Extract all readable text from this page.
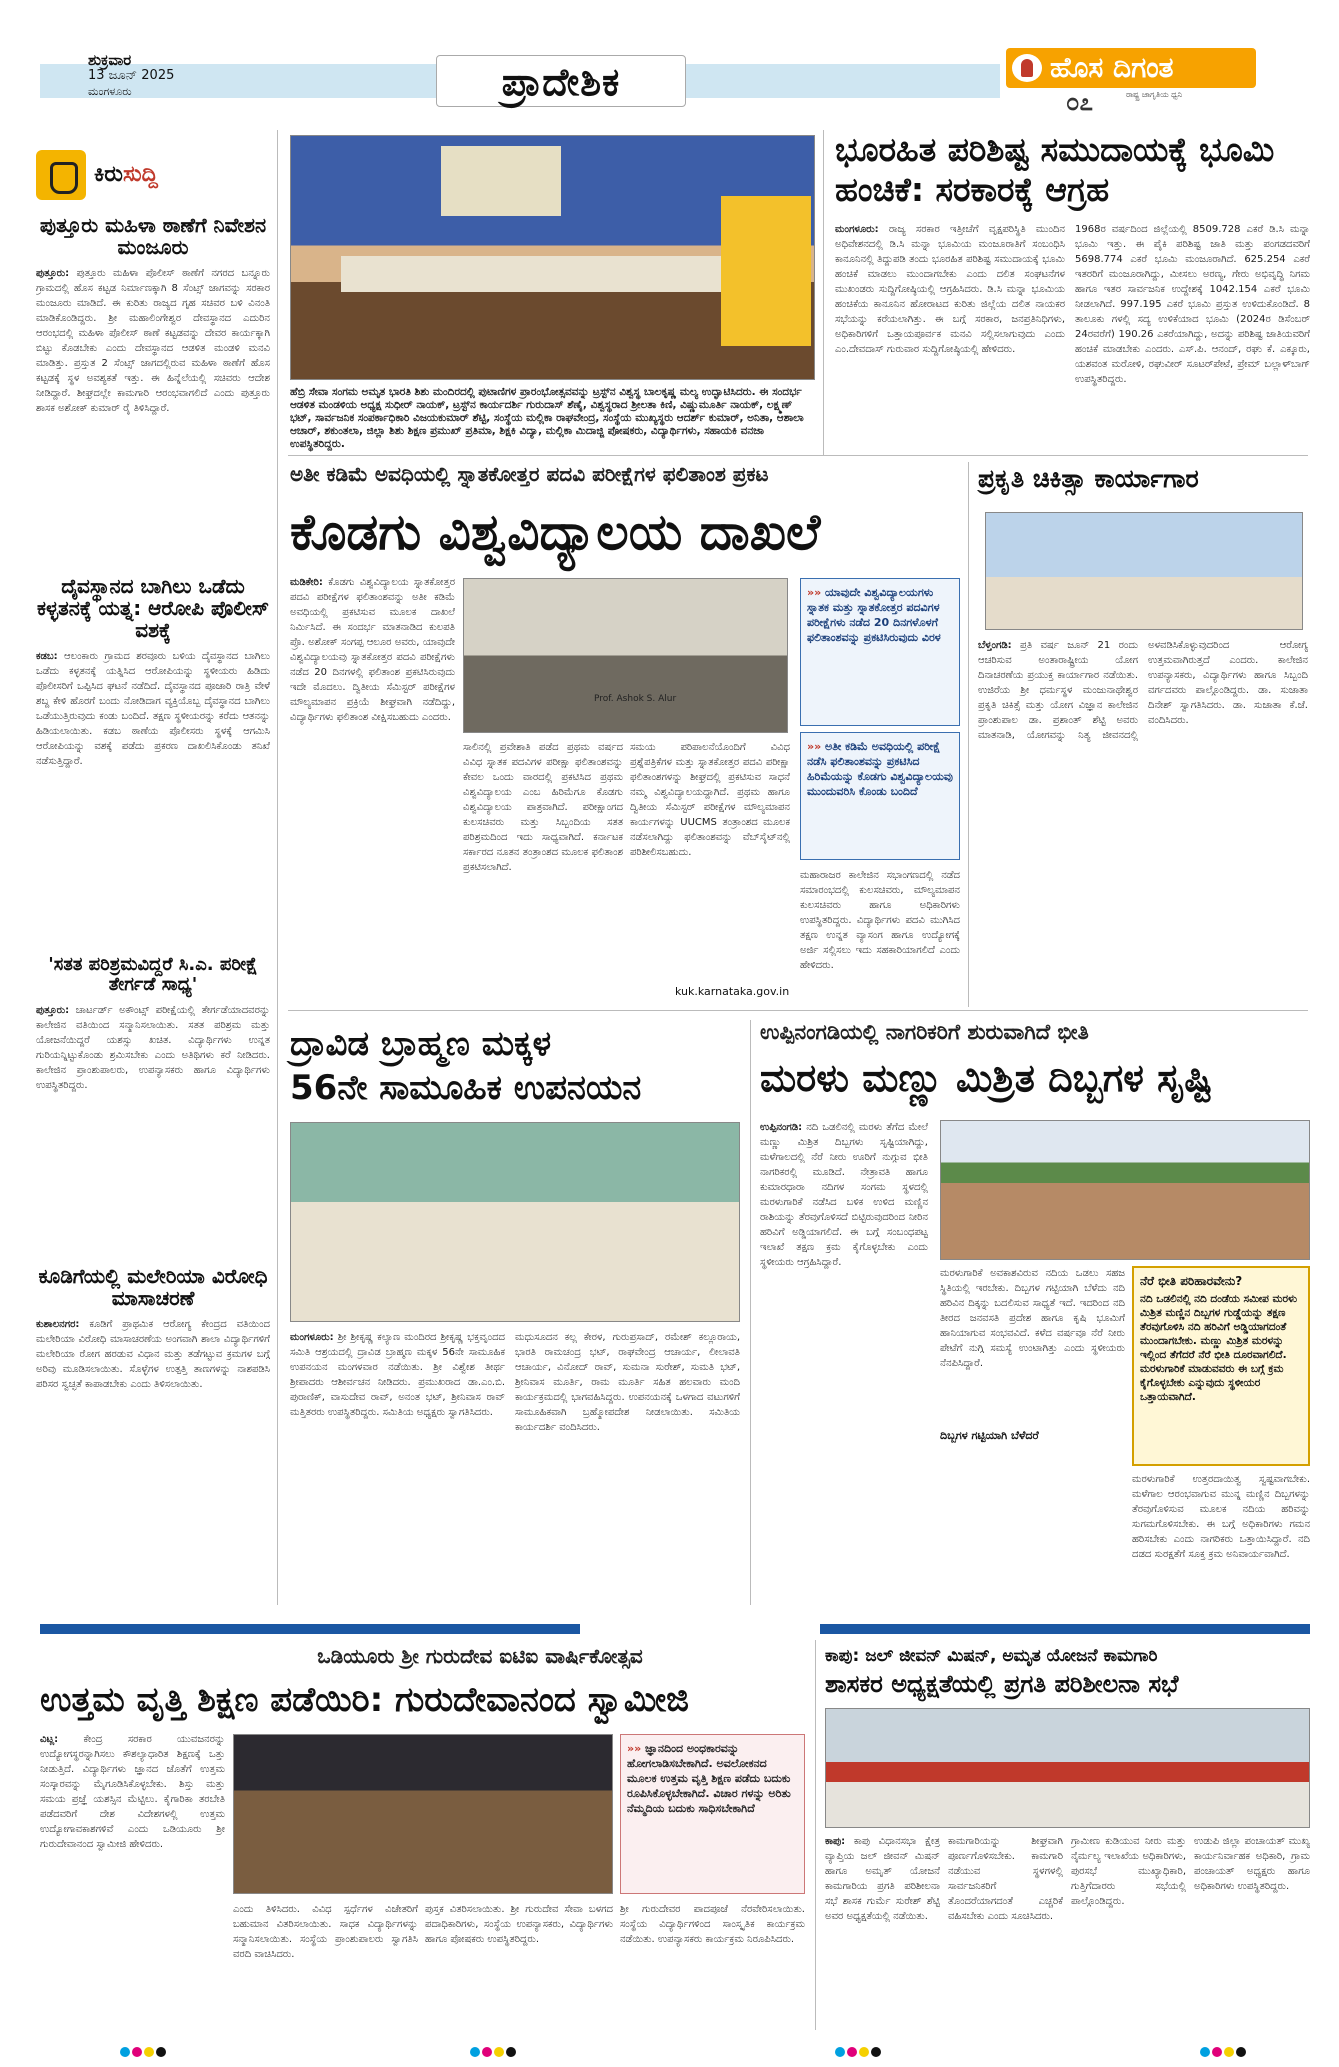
ಶುಕ್ರವಾರ
13 ಜೂನ್ 2025
ಮಂಗಳೂರು	ಪ್ರಾದೇಶಿಕ	ಹೊಸ ದಿಗಂತ
೦೭	ರಾಷ್ಟ್ರ ಜಾಗೃತಿಯ ಧ್ವನಿ
ಕಿರುಸುದ್ದಿ
ಪುತ್ತೂರು ಮಹಿಳಾ ಠಾಣೆಗೆ ನಿವೇಶನ ಮಂಜೂರು
ಪುತ್ತೂರು: ಪುತ್ತೂರು ಮಹಿಳಾ ಪೊಲೀಸ್ ಠಾಣೆಗೆ ನಗರದ ಬನ್ನೂರು ಗ್ರಾಮದಲ್ಲಿ ಹೊಸ ಕಟ್ಟಡ ನಿರ್ಮಾಣಕ್ಕಾಗಿ 8 ಸೆಂಟ್ಸ್ ಜಾಗವನ್ನು ಸರಕಾರ ಮಂಜೂರು ಮಾಡಿದೆ. ಈ ಕುರಿತು ರಾಜ್ಯದ ಗೃಹ ಸಚಿವರ ಬಳಿ ವಿನಂತಿ ಮಾಡಿಕೊಂಡಿದ್ದರು. ಶ್ರೀ ಮಹಾಲಿಂಗೇಶ್ವರ ದೇವಸ್ಥಾನದ ಎದುರಿನ ಆರಂಭದಲ್ಲಿ ಮಹಿಳಾ ಪೊಲೀಸ್ ಠಾಣೆ ಕಟ್ಟಡವನ್ನು ದೇವರ ಕಾರ್ಯಕ್ಕಾಗಿ ಬಿಟ್ಟು ಕೊಡಬೇಕು ಎಂದು ದೇವಸ್ಥಾನದ ಆಡಳಿತ ಮಂಡಳಿ ಮನವಿ ಮಾಡಿತ್ತು. ಪ್ರಸ್ತುತ 2 ಸೆಂಟ್ಸ್ ಜಾಗದಲ್ಲಿರುವ ಮಹಿಳಾ ಠಾಣೆಗೆ ಹೊಸ ಕಟ್ಟಡಕ್ಕೆ ಸ್ಥಳ ಅವಶ್ಯಕತೆ ಇತ್ತು. ಈ ಹಿನ್ನೆಲೆಯಲ್ಲಿ ಸಚಿವರು ಆದೇಶ ನೀಡಿದ್ದಾರೆ. ಶೀಘ್ರದಲ್ಲೇ ಕಾಮಗಾರಿ ಆರಂಭವಾಗಲಿದೆ ಎಂದು ಪುತ್ತೂರು ಶಾಸಕ ಅಶೋಕ್ ಕುಮಾರ್ ರೈ ತಿಳಿಸಿದ್ದಾರೆ.
ದೈವಸ್ಥಾನದ ಬಾಗಿಲು ಒಡೆದು ಕಳ್ಳತನಕ್ಕೆ ಯತ್ನ: ಆರೋಪಿ ಪೊಲೀಸ್ ವಶಕ್ಕೆ
ಕಡಬ: ಆಲಂಕಾರು ಗ್ರಾಮದ ಶರವೂರು ಬಳಿಯ ದೈವಸ್ಥಾನದ ಬಾಗಿಲು ಒಡೆದು ಕಳ್ಳತನಕ್ಕೆ ಯತ್ನಿಸಿದ ಆರೋಪಿಯನ್ನು ಸ್ಥಳೀಯರು ಹಿಡಿದು ಪೊಲೀಸರಿಗೆ ಒಪ್ಪಿಸಿದ ಘಟನೆ ನಡೆದಿದೆ. ದೈವಸ್ಥಾನದ ಪೂಜಾರಿ ರಾತ್ರಿ ವೇಳೆ ಶಬ್ದ ಕೇಳಿ ಹೊರಗೆ ಬಂದು ನೋಡಿದಾಗ ವ್ಯಕ್ತಿಯೊಬ್ಬ ದೈವಸ್ಥಾನದ ಬಾಗಿಲು ಒಡೆಯುತ್ತಿರುವುದು ಕಂಡು ಬಂದಿದೆ. ತಕ್ಷಣ ಸ್ಥಳೀಯರನ್ನು ಕರೆದು ಆತನನ್ನು ಹಿಡಿಯಲಾಯಿತು. ಕಡಬ ಠಾಣೆಯ ಪೊಲೀಸರು ಸ್ಥಳಕ್ಕೆ ಆಗಮಿಸಿ ಆರೋಪಿಯನ್ನು ವಶಕ್ಕೆ ಪಡೆದು ಪ್ರಕರಣ ದಾಖಲಿಸಿಕೊಂಡು ತನಿಖೆ ನಡೆಸುತ್ತಿದ್ದಾರೆ.
'ಸತತ ಪರಿಶ್ರಮವಿದ್ದರೆ ಸಿ.ಎ. ಪರೀಕ್ಷೆ ತೇರ್ಗಡೆ ಸಾಧ್ಯ'
ಪುತ್ತೂರು: ಚಾರ್ಟರ್ಡ್ ಅಕೌಂಟ್ಸ್ ಪರೀಕ್ಷೆಯಲ್ಲಿ ತೇರ್ಗಡೆಯಾದವರನ್ನು ಕಾಲೇಜಿನ ವತಿಯಿಂದ ಸನ್ಮಾನಿಸಲಾಯಿತು. ಸತತ ಪರಿಶ್ರಮ ಮತ್ತು ಯೋಜನೆಯಿದ್ದರೆ ಯಶಸ್ಸು ಖಚಿತ. ವಿದ್ಯಾರ್ಥಿಗಳು ಉನ್ನತ ಗುರಿಯನ್ನಿಟ್ಟುಕೊಂಡು ಶ್ರಮಿಸಬೇಕು ಎಂದು ಅತಿಥಿಗಳು ಕರೆ ನೀಡಿದರು. ಕಾಲೇಜಿನ ಪ್ರಾಂಶುಪಾಲರು, ಉಪನ್ಯಾಸಕರು ಹಾಗೂ ವಿದ್ಯಾರ್ಥಿಗಳು ಉಪಸ್ಥಿತರಿದ್ದರು.
ಕೂಡಿಗೆಯಲ್ಲಿ ಮಲೇರಿಯಾ ವಿರೋಧಿ ಮಾಸಾಚರಣೆ
ಕುಶಾಲನಗರ: ಕೂಡಿಗೆ ಪ್ರಾಥಮಿಕ ಆರೋಗ್ಯ ಕೇಂದ್ರದ ವತಿಯಿಂದ ಮಲೇರಿಯಾ ವಿರೋಧಿ ಮಾಸಾಚರಣೆಯ ಅಂಗವಾಗಿ ಶಾಲಾ ವಿದ್ಯಾರ್ಥಿಗಳಿಗೆ ಮಲೇರಿಯಾ ರೋಗ ಹರಡುವ ವಿಧಾನ ಮತ್ತು ತಡೆಗಟ್ಟುವ ಕ್ರಮಗಳ ಬಗ್ಗೆ ಅರಿವು ಮೂಡಿಸಲಾಯಿತು. ಸೊಳ್ಳೆಗಳ ಉತ್ಪತ್ತಿ ತಾಣಗಳನ್ನು ನಾಶಪಡಿಸಿ ಪರಿಸರ ಸ್ವಚ್ಛತೆ ಕಾಪಾಡಬೇಕು ಎಂದು ತಿಳಿಸಲಾಯಿತು.
ಹೆಬ್ರಿ ಸೇವಾ ಸಂಗಮ ಅಮೃತ ಭಾರತಿ ಶಿಶು ಮಂದಿರದಲ್ಲಿ ಪುಟಾಣಿಗಳ ಪ್ರಾರಂಭೋತ್ಸವವನ್ನು ಟ್ರಸ್ಟ್‌ನ ವಿಶ್ವಸ್ಥ ಬಾಲಕೃಷ್ಣ ಮಲ್ಯ ಉದ್ಘಾಟಿಸಿದರು. ಈ ಸಂದರ್ಭ ಆಡಳಿತ ಮಂಡಳಿಯ ಅಧ್ಯಕ್ಷ ಸುಧೀರ್ ನಾಯಕ್, ಟ್ರಸ್ಟ್‌ನ ಕಾರ್ಯದರ್ಶಿ ಗುರುದಾಸ್ ಶೆಣೈ, ವಿಶ್ವಸ್ಥರಾದ ಶ್ರೀಲತಾ ಕಿಣಿ, ವಿಷ್ಣುಮೂರ್ತಿ ನಾಯಕ್, ಲಕ್ಷ್ಮಣ್ ಭಟ್, ಸಾರ್ವಜನಿಕ ಸಂಪರ್ಕಾಧಿಕಾರಿ ವಿಜಯಕುಮಾರ್ ಶೆಟ್ಟಿ, ಸಂಸ್ಥೆಯ ಮಲ್ಲಿಕಾ ರಾಘವೇಂದ್ರ, ಸಂಸ್ಥೆಯ ಮುಖ್ಯಸ್ಥರು ಆದರ್ಶ್ ಕುಮಾರ್, ಅನಿತಾ, ಆಶಾಲಾ ಆಚಾರ್, ಶಕುಂತಲಾ, ಜಿಲ್ಲಾ ಶಿಶು ಶಿಕ್ಷಣ ಪ್ರಮುಖ್ ಪ್ರತಿಮಾ, ಶಿಕ್ಷಕಿ ವಿದ್ಯಾ, ಮಲ್ಲಿಕಾ ಮಿದಾಜ್ಜಿ ಪೋಷಕರು, ವಿದ್ಯಾರ್ಥಿಗಳು, ಸಹಾಯಕಿ ವನಜಾ ಉಪಸ್ಥಿತರಿದ್ದರು.
ಭೂರಹಿತ ಪರಿಶಿಷ್ಟ ಸಮುದಾಯಕ್ಕೆ ಭೂಮಿ ಹಂಚಿಕೆ: ಸರಕಾರಕ್ಕೆ ಆಗ್ರಹ
ಮಂಗಳೂರು: ರಾಜ್ಯ ಸರಕಾರ ಇತ್ತೀಚೆಗೆ ವೃಕ್ಷಪರಿಸ್ಥಿತಿ ಮುಂದಿನ ಅಧಿವೇಶನದಲ್ಲಿ ಡಿ.ಸಿ ಮನ್ನಾ ಭೂಮಿಯ ಮಂಜೂರಾತಿಗೆ ಸಂಬಂಧಿಸಿ ಕಾನೂನಿನಲ್ಲಿ ತಿದ್ದುಪಡಿ ತಂದು ಭೂರಹಿತ ಪರಿಶಿಷ್ಟ ಸಮುದಾಯಕ್ಕೆ ಭೂಮಿ ಹಂಚಿಕೆ ಮಾಡಲು ಮುಂದಾಗಬೇಕು ಎಂದು ದಲಿತ ಸಂಘಟನೆಗಳ ಮುಖಂಡರು ಸುದ್ದಿಗೋಷ್ಠಿಯಲ್ಲಿ ಆಗ್ರಹಿಸಿದರು. ಡಿ.ಸಿ ಮನ್ನಾ ಭೂಮಿಯ ಹಂಚಿಕೆಯ ಕಾನೂನಿನ ಹೋರಾಟದ ಕುರಿತು ಜಿಲ್ಲೆಯ ದಲಿತ ನಾಯಕರ ಸಭೆಯನ್ನು ಕರೆಯಲಾಗಿತ್ತು. ಈ ಬಗ್ಗೆ ಸರಕಾರ, ಜನಪ್ರತಿನಿಧಿಗಳು, ಅಧಿಕಾರಿಗಳಿಗೆ ಒತ್ತಾಯಪೂರ್ವಕ ಮನವಿ ಸಲ್ಲಿಸಲಾಗುವುದು ಎಂದು ಎಂ.ದೇವದಾಸ್ ಗುರುವಾರ ಸುದ್ದಿಗೋಷ್ಠಿಯಲ್ಲಿ ಹೇಳಿದರು.
1968ರ ವರ್ಷದಿಂದ ಜಿಲ್ಲೆಯಲ್ಲಿ 8509.728 ಎಕರೆ ಡಿ.ಸಿ ಮನ್ನಾ ಭೂಮಿ ಇತ್ತು. ಈ ಪೈಕಿ ಪರಿಶಿಷ್ಟ ಜಾತಿ ಮತ್ತು ಪಂಗಡದವರಿಗೆ 5698.774 ಎಕರೆ ಭೂಮಿ ಮಂಜೂರಾಗಿದೆ. 625.254 ಎಕರೆ ಇತರರಿಗೆ ಮಂಜೂರಾಗಿದ್ದು, ಮೀಸಲು ಅರಣ್ಯ, ಗೇರು ಅಭಿವೃದ್ಧಿ ನಿಗಮ ಹಾಗೂ ಇತರ ಸಾರ್ವಜನಿಕ ಉದ್ದೇಶಕ್ಕೆ 1042.154 ಎಕರೆ ಭೂಮಿ ನೀಡಲಾಗಿದೆ. 997.195 ಎಕರೆ ಭೂಮಿ ಪ್ರಸ್ತುತ ಉಳಿದುಕೊಂಡಿದೆ. 8 ತಾಲೂಕು ಗಳಲ್ಲಿ ಸದ್ಯ ಉಳಿಕೆಯಾದ ಭೂಮಿ (2024ರ ಡಿಸೆಂಬರ್ 24ರವರೆಗೆ) 190.26 ಎಕರೆಯಾಗಿದ್ದು, ಅದನ್ನು ಪರಿಶಿಷ್ಟ ಜಾತಿಯವರಿಗೆ ಹಂಚಿಕೆ ಮಾಡಬೇಕು ಎಂದರು. ಎಸ್.ಪಿ. ಆನಂದ್, ರಘು ಕೆ. ಎಕ್ಕೂರು, ಯಶವಂತ ಮರೋಳಿ, ರಘುವೀರ್ ಸೂಟರ್‌ಪೇಟೆ, ಪ್ರೇಮ್ ಬಲ್ಲಾಳ್‌ಬಾಗ್ ಉಪಸ್ಥಿತರಿದ್ದರು.
ಅತೀ ಕಡಿಮೆ ಅವಧಿಯಲ್ಲಿ ಸ್ನಾತಕೋತ್ತರ ಪದವಿ ಪರೀಕ್ಷೆಗಳ ಫಲಿತಾಂಶ ಪ್ರಕಟ
ಕೊಡಗು ವಿಶ್ವವಿದ್ಯಾಲಯ ದಾಖಲೆ
ಮಡಿಕೇರಿ: ಕೊಡಗು ವಿಶ್ವವಿದ್ಯಾಲಯ ಸ್ನಾತಕೋತ್ತರ ಪದವಿ ಪರೀಕ್ಷೆಗಳ ಫಲಿತಾಂಶವನ್ನು ಅತೀ ಕಡಿಮೆ ಅವಧಿಯಲ್ಲಿ ಪ್ರಕಟಿಸುವ ಮೂಲಕ ದಾಖಲೆ ನಿರ್ಮಿಸಿದೆ. ಈ ಸಂದರ್ಭ ಮಾತನಾಡಿದ ಕುಲಪತಿ ಪ್ರೊ. ಅಶೋಕ್ ಸಂಗಪ್ಪ ಆಲೂರ ಅವರು, ಯಾವುದೇ ವಿಶ್ವವಿದ್ಯಾಲಯವು ಸ್ನಾತಕೋತ್ತರ ಪದವಿ ಪರೀಕ್ಷೆಗಳು ನಡೆದ 20 ದಿನಗಳಲ್ಲಿ ಫಲಿತಾಂಶ ಪ್ರಕಟಿಸಿರುವುದು ಇದೇ ಮೊದಲು. ದ್ವಿತೀಯ ಸೆಮಿಸ್ಟರ್ ಪರೀಕ್ಷೆಗಳ ಮೌಲ್ಯಮಾಪನ ಪ್ರಕ್ರಿಯೆ ಶೀಘ್ರವಾಗಿ ನಡೆದಿದ್ದು, ವಿದ್ಯಾರ್ಥಿಗಳು ಫಲಿತಾಂಶ ವೀಕ್ಷಿಸಬಹುದು ಎಂದರು.
Prof. Ashok S. Alur
ಸಾಲಿನಲ್ಲಿ ಪ್ರವೇಶಾತಿ ಪಡೆದ ಪ್ರಥಮ ವರ್ಷದ ವಿವಿಧ ಸ್ನಾತಕ ಪದವಿಗಳ ಪರೀಕ್ಷಾ ಫಲಿತಾಂಶವನ್ನು ಕೇವಲ ಒಂದು ವಾರದಲ್ಲಿ ಪ್ರಕಟಿಸಿದ ಪ್ರಥಮ ವಿಶ್ವವಿದ್ಯಾಲಯ ಎಂಬ ಹಿರಿಮೆಗೂ ಕೊಡಗು ವಿಶ್ವವಿದ್ಯಾಲಯ ಪಾತ್ರವಾಗಿದೆ. ಪರೀಕ್ಷಾಂಗದ ಕುಲಸಚಿವರು ಮತ್ತು ಸಿಬ್ಬಂದಿಯ ಸತತ ಪರಿಶ್ರಮದಿಂದ ಇದು ಸಾಧ್ಯವಾಗಿದೆ. ಕರ್ನಾಟಕ ಸರ್ಕಾರದ ನೂತನ ತಂತ್ರಾಂಶದ ಮೂಲಕ ಫಲಿತಾಂಶ ಪ್ರಕಟಿಸಲಾಗಿದೆ.
ಸಮಯ ಪರಿಪಾಲನೆಯೊಂದಿಗೆ ವಿವಿಧ ಪ್ರಶ್ನೆಪತ್ರಿಕೆಗಳ ಮತ್ತು ಸ್ನಾತಕೋತ್ತರ ಪದವಿ ಪರೀಕ್ಷಾ ಫಲಿತಾಂಶಗಳನ್ನು ಶೀಘ್ರದಲ್ಲಿ ಪ್ರಕಟಿಸುವ ಸಾಧನೆ ನಮ್ಮ ವಿಶ್ವವಿದ್ಯಾಲಯದ್ದಾಗಿದೆ. ಪ್ರಥಮ ಹಾಗೂ ದ್ವಿತೀಯ ಸೆಮಿಸ್ಟರ್ ಪರೀಕ್ಷೆಗಳ ಮೌಲ್ಯಮಾಪನ ಕಾರ್ಯಗಳನ್ನು UUCMS ತಂತ್ರಾಂಶದ ಮೂಲಕ ನಡೆಸಲಾಗಿದ್ದು ಫಲಿತಾಂಶವನ್ನು ವೆಬ್‌ಸೈಟ್‌ನಲ್ಲಿ ಪರಿಶೀಲಿಸಬಹುದು.
kuk.karnataka.gov.in
»» ಯಾವುದೇ ವಿಶ್ವವಿದ್ಯಾಲಯಗಳು ಸ್ನಾತಕ ಮತ್ತು ಸ್ನಾತಕೋತ್ತರ ಪದವಿಗಳ ಪರೀಕ್ಷೆಗಳು ನಡೆದ 20 ದಿನಗಳೊಳಗೆ ಫಲಿತಾಂಶವನ್ನು ಪ್ರಕಟಿಸಿರುವುದು ವಿರಳ
»» ಅತೀ ಕಡಿಮೆ ಅವಧಿಯಲ್ಲಿ ಪರೀಕ್ಷೆ ನಡೆಸಿ ಫಲಿತಾಂಶವನ್ನು ಪ್ರಕಟಿಸಿದ ಹಿರಿಮೆಯನ್ನು ಕೊಡಗು ವಿಶ್ವವಿದ್ಯಾಲಯವು ಮುಂದುವರಿಸಿ ಕೊಂಡು ಬಂದಿದೆ
ಮಹಾರಾಜರ ಕಾಲೇಜಿನ ಸಭಾಂಗಣದಲ್ಲಿ ನಡೆದ ಸಮಾರಂಭದಲ್ಲಿ ಕುಲಸಚಿವರು, ಮೌಲ್ಯಮಾಪನ ಕುಲಸಚಿವರು ಹಾಗೂ ಅಧಿಕಾರಿಗಳು ಉಪಸ್ಥಿತರಿದ್ದರು. ವಿದ್ಯಾರ್ಥಿಗಳು ಪದವಿ ಮುಗಿಸಿದ ತಕ್ಷಣ ಉನ್ನತ ವ್ಯಾಸಂಗ ಹಾಗೂ ಉದ್ಯೋಗಕ್ಕೆ ಅರ್ಜಿ ಸಲ್ಲಿಸಲು ಇದು ಸಹಕಾರಿಯಾಗಲಿದೆ ಎಂದು ಹೇಳಿದರು.
ಪ್ರಕೃತಿ ಚಿಕಿತ್ಸಾ ಕಾರ್ಯಾಗಾರ
ಬೆಳ್ತಂಗಡಿ: ಪ್ರತಿ ವರ್ಷ ಜೂನ್ 21 ರಂದು ಆಚರಿಸುವ ಅಂತಾರಾಷ್ಟ್ರೀಯ ಯೋಗ ದಿನಾಚರಣೆಯ ಪ್ರಯುಕ್ತ ಕಾರ್ಯಾಗಾರ ನಡೆಯಿತು. ಉಜಿರೆಯ ಶ್ರೀ ಧರ್ಮಸ್ಥಳ ಮಂಜುನಾಥೇಶ್ವರ ಪ್ರಕೃತಿ ಚಿಕಿತ್ಸೆ ಮತ್ತು ಯೋಗ ವಿಜ್ಞಾನ ಕಾಲೇಜಿನ ಪ್ರಾಂಶುಪಾಲ ಡಾ. ಪ್ರಶಾಂತ್ ಶೆಟ್ಟಿ ಅವರು ಮಾತನಾಡಿ, ಯೋಗವನ್ನು ನಿತ್ಯ ಜೀವನದಲ್ಲಿ ಅಳವಡಿಸಿಕೊಳ್ಳುವುದರಿಂದ ಆರೋಗ್ಯ ಉತ್ತಮವಾಗಿರುತ್ತದೆ ಎಂದರು. ಕಾಲೇಜಿನ ಉಪನ್ಯಾಸಕರು, ವಿದ್ಯಾರ್ಥಿಗಳು ಹಾಗೂ ಸಿಬ್ಬಂದಿ ವರ್ಗದವರು ಪಾಲ್ಗೊಂಡಿದ್ದರು. ಡಾ. ಸುಜಾತಾ ದಿನೇಶ್ ಸ್ವಾಗತಿಸಿದರು. ಡಾ. ಸುಜಾತಾ ಕೆ.ಜೆ. ವಂದಿಸಿದರು.
ದ್ರಾವಿಡ ಬ್ರಾಹ್ಮಣ ಮಕ್ಕಳ
56ನೇ ಸಾಮೂಹಿಕ ಉಪನಯನ
ಮಂಗಳೂರು: ಶ್ರೀ ಶ್ರೀಕೃಷ್ಣ ಕಲ್ಯಾಣ ಮಂದಿರದ ಶ್ರೀಕೃಷ್ಣ ಭಕ್ತವೃಂದದ ಸಮಿತಿ ಆಶ್ರಯದಲ್ಲಿ ದ್ರಾವಿಡ ಬ್ರಾಹ್ಮಣ ಮಕ್ಕಳ 56ನೇ ಸಾಮೂಹಿಕ ಉಪನಯನ ಮಂಗಳವಾರ ನಡೆಯಿತು. ಶ್ರೀ ವಿಶ್ವೇಶ ತೀರ್ಥ ಶ್ರೀಪಾದರು ಆಶೀರ್ವಚನ ನೀಡಿದರು. ಪ್ರಮುಖರಾದ ಡಾ.ಎಂ.ಬಿ. ಪುರಾಣಿಕ್, ವಾಸುದೇವ ರಾವ್, ಅನಂತ ಭಟ್, ಶ್ರೀನಿವಾಸ ರಾವ್ ಮತ್ತಿತರರು ಉಪಸ್ಥಿತರಿದ್ದರು. ಸಮಿತಿಯ ಅಧ್ಯಕ್ಷರು ಸ್ವಾಗತಿಸಿದರು.
ಮಧುಸೂದನ ಕಲ್ಲ ಕೇರಳ, ಗುರುಪ್ರಸಾದ್, ರಮೇಶ್ ಕಲ್ಲೂರಾಯ, ಭಾರತಿ ರಾಮಚಂದ್ರ ಭಟ್, ರಾಘವೇಂದ್ರ ಆಚಾರ್ಯ, ಲೀಲಾವತಿ ಆಚಾರ್ಯ, ವಿನೋದ್ ರಾವ್, ಸುಮನಾ ಸುರೇಶ್, ಸುಮತಿ ಭಟ್, ಶ್ರೀನಿವಾಸ ಮೂರ್ತಿ, ರಾಮ ಮೂರ್ತಿ ಸಹಿತ ಹಲವಾರು ಮಂದಿ ಕಾರ್ಯಕ್ರಮದಲ್ಲಿ ಭಾಗವಹಿಸಿದ್ದರು. ಉಪನಯನಕ್ಕೆ ಒಳಗಾದ ವಟುಗಳಿಗೆ ಸಾಮೂಹಿಕವಾಗಿ ಬ್ರಹ್ಮೋಪದೇಶ ನೀಡಲಾಯಿತು. ಸಮಿತಿಯ ಕಾರ್ಯದರ್ಶಿ ವಂದಿಸಿದರು.
ಉಪ್ಪಿನಂಗಡಿಯಲ್ಲಿ ನಾಗರಿಕರಿಗೆ ಶುರುವಾಗಿದೆ ಭೀತಿ
ಮರಳು ಮಣ್ಣು ಮಿಶ್ರಿತ ದಿಬ್ಬಗಳ ಸೃಷ್ಟಿ
ಉಪ್ಪಿನಂಗಡಿ: ನದಿ ಒಡಲಿನಲ್ಲಿ ಮರಳು ತೆಗೆದ ಮೇಲೆ ಮಣ್ಣು ಮಿಶ್ರಿತ ದಿಬ್ಬಗಳು ಸೃಷ್ಟಿಯಾಗಿದ್ದು, ಮಳೆಗಾಲದಲ್ಲಿ ನೆರೆ ನೀರು ಊರಿಗೆ ನುಗ್ಗುವ ಭೀತಿ ನಾಗರಿಕರಲ್ಲಿ ಮೂಡಿದೆ. ನೇತ್ರಾವತಿ ಹಾಗೂ ಕುಮಾರಧಾರಾ ನದಿಗಳ ಸಂಗಮ ಸ್ಥಳದಲ್ಲಿ ಮರಳುಗಾರಿಕೆ ನಡೆಸಿದ ಬಳಿಕ ಉಳಿದ ಮಣ್ಣಿನ ರಾಶಿಯನ್ನು ತೆರವುಗೊಳಿಸದೆ ಬಿಟ್ಟಿರುವುದರಿಂದ ನೀರಿನ ಹರಿವಿಗೆ ಅಡ್ಡಿಯಾಗಲಿದೆ. ಈ ಬಗ್ಗೆ ಸಂಬಂಧಪಟ್ಟ ಇಲಾಖೆ ತಕ್ಷಣ ಕ್ರಮ ಕೈಗೊಳ್ಳಬೇಕು ಎಂದು ಸ್ಥಳೀಯರು ಆಗ್ರಹಿಸಿದ್ದಾರೆ.
ಮರಳುಗಾರಿಕೆ ಅವಕಾಶವಿರುವ ನದಿಯ ಒಡಲು ಸಹಜ ಸ್ಥಿತಿಯಲ್ಲಿ ಇರಬೇಕು. ದಿಬ್ಬಗಳ ಗಟ್ಟಿಯಾಗಿ ಬೆಳೆದು ನದಿ ಹರಿವಿನ ದಿಕ್ಕನ್ನು ಬದಲಿಸುವ ಸಾಧ್ಯತೆ ಇದೆ. ಇದರಿಂದ ನದಿ ತೀರದ ಜನವಸತಿ ಪ್ರದೇಶ ಹಾಗೂ ಕೃಷಿ ಭೂಮಿಗೆ ಹಾನಿಯಾಗುವ ಸಂಭವವಿದೆ. ಕಳೆದ ವರ್ಷವೂ ನೆರೆ ನೀರು ಪೇಟೆಗೆ ನುಗ್ಗಿ ಸಮಸ್ಯೆ ಉಂಟಾಗಿತ್ತು ಎಂದು ಸ್ಥಳೀಯರು ನೆನಪಿಸಿದ್ದಾರೆ.
ದಿಬ್ಬಗಳ ಗಟ್ಟಿಯಾಗಿ ಬೆಳೆದರೆ
ನೆರೆ ಭೀತಿ ಪರಿಹಾರವೇನು?
ನದಿ ಒಡಲಿನಲ್ಲಿ ನದಿ ದಂಡೆಯ ಸಮೀಪ ಮರಳು ಮಿಶ್ರಿತ ಮಣ್ಣಿನ ದಿಬ್ಬಗಳ ಗುಡ್ಡೆಯನ್ನು ತಕ್ಷಣ ತೆರವುಗೊಳಿಸಿ ನದಿ ಹರಿವಿಗೆ ಅಡ್ಡಿಯಾಗದಂತೆ ಮುಂದಾಗಬೇಕು. ಮಣ್ಣು ಮಿಶ್ರಿತ ಮರಳನ್ನು ಇಲ್ಲಿಂದ ತೆಗೆದರೆ ನೆರೆ ಭೀತಿ ದೂರವಾಗಲಿದೆ. ಮರಳುಗಾರಿಕೆ ಮಾಡುವವರು ಈ ಬಗ್ಗೆ ಕ್ರಮ ಕೈಗೊಳ್ಳಬೇಕು ಎನ್ನುವುದು ಸ್ಥಳೀಯರ ಒತ್ತಾಯವಾಗಿದೆ.
ಮರಳುಗಾರಿಕೆ ಉತ್ತರದಾಯಿತ್ವ ಸ್ವಷ್ಟವಾಗಬೇಕು. ಮಳೆಗಾಲ ಆರಂಭವಾಗುವ ಮುನ್ನ ಮಣ್ಣಿನ ದಿಬ್ಬಗಳನ್ನು ತೆರವುಗೊಳಿಸುವ ಮೂಲಕ ನದಿಯ ಹರಿವನ್ನು ಸುಗಮಗೊಳಿಸಬೇಕು. ಈ ಬಗ್ಗೆ ಅಧಿಕಾರಿಗಳು ಗಮನ ಹರಿಸಬೇಕು ಎಂದು ನಾಗರಿಕರು ಒತ್ತಾಯಿಸಿದ್ದಾರೆ. ನದಿ ದಡದ ಸುರಕ್ಷತೆಗೆ ಸೂಕ್ತ ಕ್ರಮ ಅನಿವಾರ್ಯವಾಗಿದೆ.
ಒಡಿಯೂರು ಶ್ರೀ ಗುರುದೇವ ಐಟಿಐ ವಾರ್ಷಿಕೋತ್ಸವ
ಉತ್ತಮ ವೃತ್ತಿ ಶಿಕ್ಷಣ ಪಡೆಯಿರಿ: ಗುರುದೇವಾನಂದ ಸ್ವಾಮೀಜಿ
ವಿಟ್ಲ:	ಕೇಂದ್ರ ಸರಕಾರ ಯುವಜನರನ್ನು ಉದ್ಯೋಗಸ್ಥರನ್ನಾಗಿಸಲು ಕೌಶಲ್ಯಾಧಾರಿತ ಶಿಕ್ಷಣಕ್ಕೆ ಒತ್ತು ನೀಡುತ್ತಿದೆ. ವಿದ್ಯಾರ್ಥಿಗಳು ಜ್ಞಾನದ ಜೊತೆಗೆ ಉತ್ತಮ ಸಂಸ್ಕಾರವನ್ನು ಮೈಗೂಡಿಸಿಕೊಳ್ಳಬೇಕು. ಶಿಸ್ತು ಮತ್ತು ಸಮಯ ಪ್ರಜ್ಞೆ ಯಶಸ್ಸಿನ ಮೆಟ್ಟಿಲು. ಕೈಗಾರಿಕಾ ತರಬೇತಿ ಪಡೆದವರಿಗೆ ದೇಶ ವಿದೇಶಗಳಲ್ಲಿ ಉತ್ತಮ ಉದ್ಯೋಗಾವಕಾಶಗಳಿವೆ ಎಂದು ಒಡಿಯೂರು ಶ್ರೀ ಗುರುದೇವಾನಂದ ಸ್ವಾಮೀಜಿ ಹೇಳಿದರು.
»» ಜ್ಞಾನದಿಂದ ಅಂಧಕಾರವನ್ನು ಹೋಗಲಾಡಿಸಬೇಕಾಗಿದೆ. ಅವಲೋಕನದ ಮೂಲಕ ಉತ್ತಮ ವೃತ್ತಿ ಶಿಕ್ಷಣ ಪಡೆದು ಬದುಕು ರೂಪಿಸಿಕೊಳ್ಳಬೇಕಾಗಿದೆ. ವಿಚಾರ ಗಳನ್ನು ಅರಿತು ನೆಮ್ಮದಿಯ ಬದುಕು ಸಾಧಿಸಬೇಕಾಗಿದೆ
ಎಂದು ತಿಳಿಸಿದರು. ವಿವಿಧ ಸ್ಪರ್ಧೆಗಳ ವಿಜೇತರಿಗೆ ಬಹುಮಾನ ವಿತರಿಸಲಾಯಿತು. ಸಾಧಕ ವಿದ್ಯಾರ್ಥಿಗಳನ್ನು ಸನ್ಮಾನಿಸಲಾಯಿತು. ಸಂಸ್ಥೆಯ ಪ್ರಾಂಶುಪಾಲರು ಸ್ವಾಗತಿಸಿ ವರದಿ ವಾಚಿಸಿದರು.
ಪುಸ್ತಕ ವಿತರಿಸಲಾಯಿತು. ಶ್ರೀ ಗುರುದೇವ ಸೇವಾ ಬಳಗದ ಪದಾಧಿಕಾರಿಗಳು, ಸಂಸ್ಥೆಯ ಉಪನ್ಯಾಸಕರು, ವಿದ್ಯಾರ್ಥಿಗಳು ಹಾಗೂ ಪೋಷಕರು ಉಪಸ್ಥಿತರಿದ್ದರು.
ಶ್ರೀ ಗುರುದೇವರ ಪಾದಪೂಜೆ ನೆರವೇರಿಸಲಾಯಿತು. ಸಂಸ್ಥೆಯ ವಿದ್ಯಾರ್ಥಿಗಳಿಂದ ಸಾಂಸ್ಕೃತಿಕ ಕಾರ್ಯಕ್ರಮ ನಡೆಯಿತು. ಉಪನ್ಯಾಸಕರು ಕಾರ್ಯಕ್ರಮ ನಿರೂಪಿಸಿದರು.
ಕಾಪು: ಜಲ್ ಜೀವನ್ ಮಿಷನ್, ಅಮೃತ ಯೋಜನೆ ಕಾಮಗಾರಿ
ಶಾಸಕರ ಅಧ್ಯಕ್ಷತೆಯಲ್ಲಿ ಪ್ರಗತಿ ಪರಿಶೀಲನಾ ಸಭೆ
ಕಾಪು: ಕಾಪು ವಿಧಾನಸಭಾ ಕ್ಷೇತ್ರ ವ್ಯಾಪ್ತಿಯ ಜಲ್ ಜೀವನ್ ಮಿಷನ್ ಹಾಗೂ ಅಮೃತ್ ಯೋಜನೆ ಕಾಮಗಾರಿಯ ಪ್ರಗತಿ ಪರಿಶೀಲನಾ ಸಭೆ ಶಾಸಕ ಗುರ್ಮೆ ಸುರೇಶ್ ಶೆಟ್ಟಿ ಅವರ ಅಧ್ಯಕ್ಷತೆಯಲ್ಲಿ ನಡೆಯಿತು.
ಕಾಮಗಾರಿಯನ್ನು ಶೀಘ್ರವಾಗಿ ಪೂರ್ಣಗೊಳಿಸಬೇಕು. ಕಾಮಗಾರಿ ನಡೆಯುವ ಸ್ಥಳಗಳಲ್ಲಿ ಸಾರ್ವಜನಿಕರಿಗೆ ತೊಂದರೆಯಾಗದಂತೆ ಎಚ್ಚರಿಕೆ ವಹಿಸಬೇಕು ಎಂದು ಸೂಚಿಸಿದರು.
ಗ್ರಾಮೀಣ ಕುಡಿಯುವ ನೀರು ಮತ್ತು ನೈರ್ಮಲ್ಯ ಇಲಾಖೆಯ ಅಧಿಕಾರಿಗಳು, ಪುರಸಭೆ ಮುಖ್ಯಾಧಿಕಾರಿ, ಗುತ್ತಿಗೆದಾರರು ಸಭೆಯಲ್ಲಿ ಪಾಲ್ಗೊಂಡಿದ್ದರು.
ಉಡುಪಿ ಜಿಲ್ಲಾ ಪಂಚಾಯತ್ ಮುಖ್ಯ ಕಾರ್ಯನಿರ್ವಾಹಕ ಅಧಿಕಾರಿ, ಗ್ರಾಮ ಪಂಚಾಯತ್ ಅಧ್ಯಕ್ಷರು ಹಾಗೂ ಅಧಿಕಾರಿಗಳು ಉಪಸ್ಥಿತರಿದ್ದರು.
